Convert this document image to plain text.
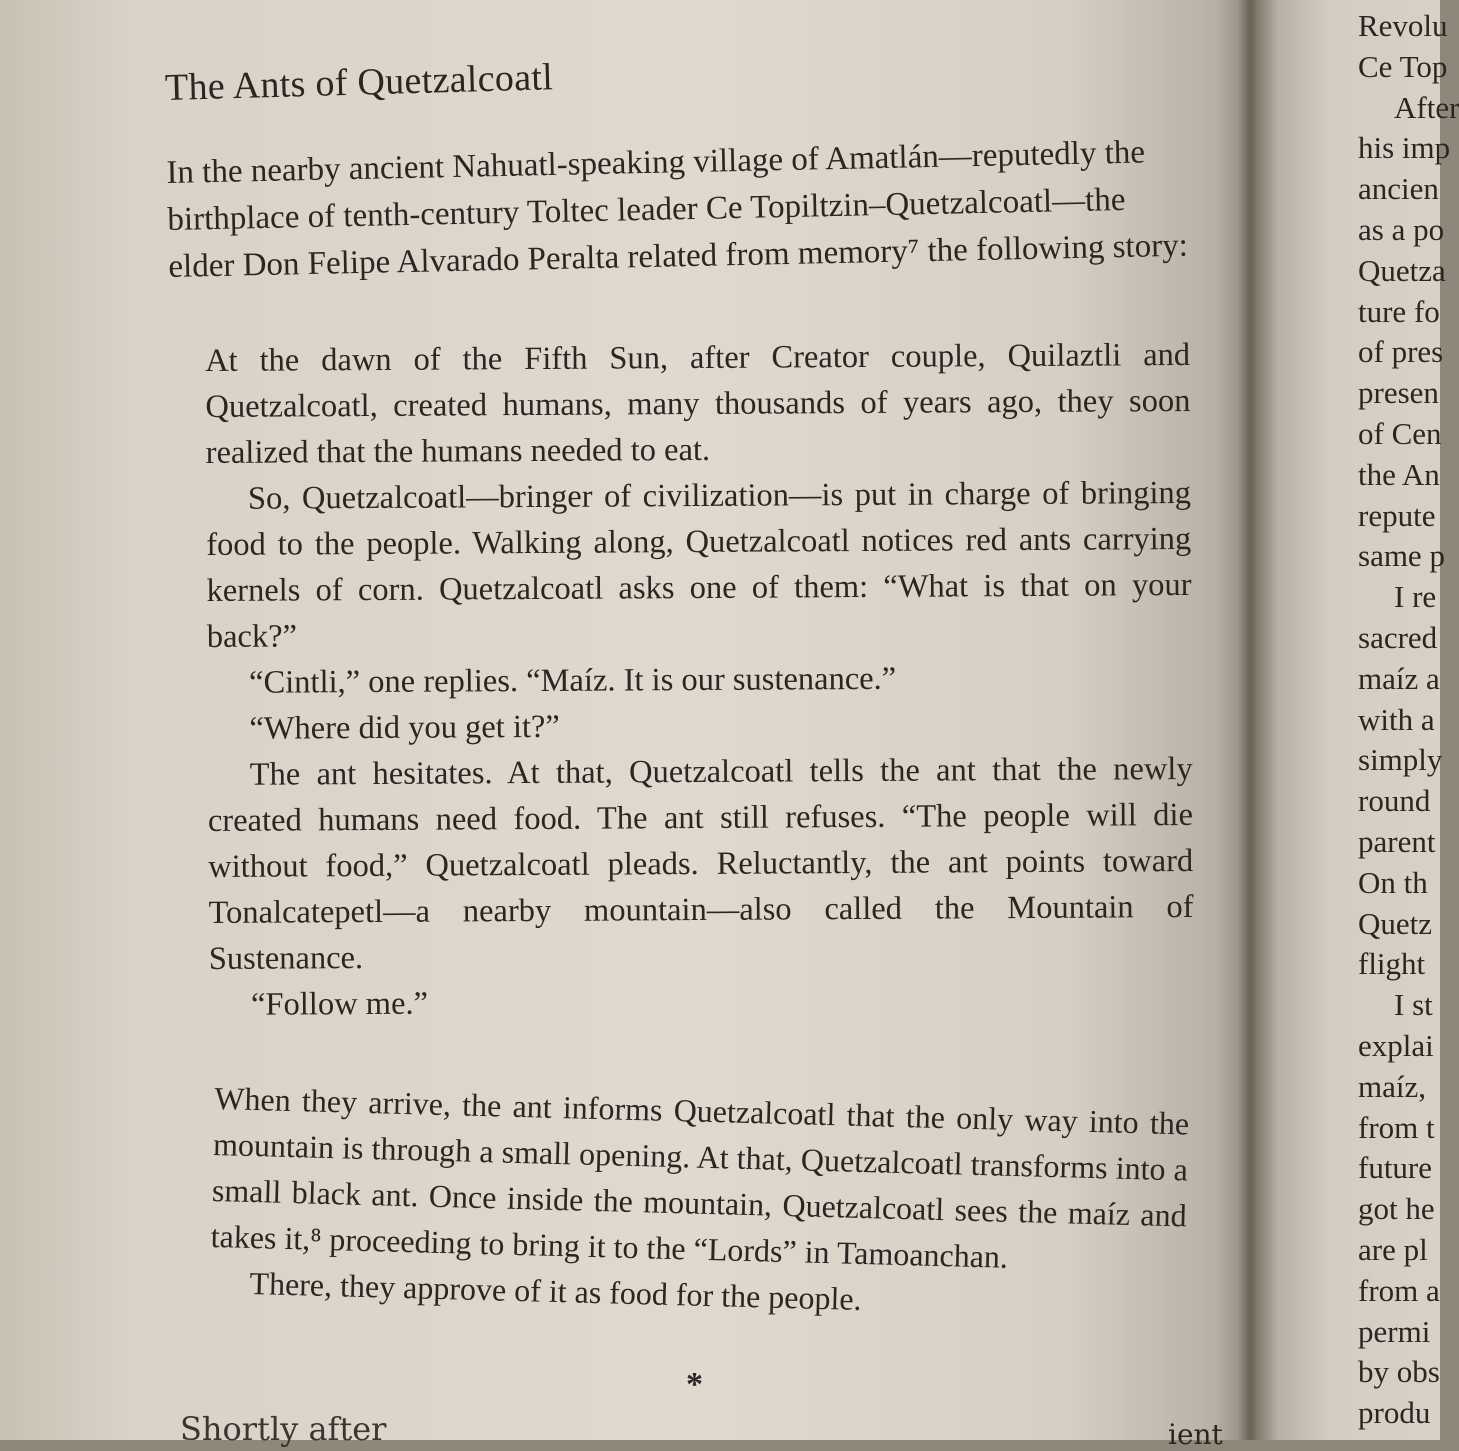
The Ants of Quetzalcoatl
In the nearby ancient Nahuatl-speaking village of Amatlán—reputedly the
birthplace of tenth-century Toltec leader Ce Topiltzin–Quetzalcoatl—the
elder Don Felipe Alvarado Peralta related from memory⁷ the following story:

At the dawn of the Fifth Sun, after Creator couple, Quilaztli and Quetzalcoatl, created humans, many thousands of years ago, they soon realized that the humans needed to eat.

So, Quetzalcoatl—bringer of civilization—is put in charge of bringing food to the people. Walking along, Quetzalcoatl notices red ants carrying kernels of corn. Quetzalcoatl asks one of them: “What is that on your back?”

“Cintli,” one replies. “Maíz. It is our sustenance.”

“Where did you get it?”

The ant hesitates. At that, Quetzalcoatl tells the ant that the newly created humans need food. The ant still refuses. “The people will die without food,” Quetzalcoatl pleads. Reluctantly, the ant points toward Tonalcatepetl—a nearby mountain—also called the Mountain of Sustenance.

“Follow me.”

When they arrive, the ant informs Quetzalcoatl that the only way into the mountain is through a small opening. At that, Quetzalcoatl transforms into a small black ant. Once inside the mountain, Quetzalcoatl sees the maíz and takes it,⁸ proceeding to bring it to the “Lords” in Tamoanchan.

There, they approve of it as food for the people.

*
Shortly after	ient
Revolu
Ce Top
After
his imp
ancien
as a po
Quetza
ture fo
of pres
presen
of Cen
the An
repute
same p
I re
sacred
maíz a
with a
simply
round
parent
On th
Quetz
flight
I st
explai
maíz,
from t
future
got he
are pl
from a
permi
by obs
produ
